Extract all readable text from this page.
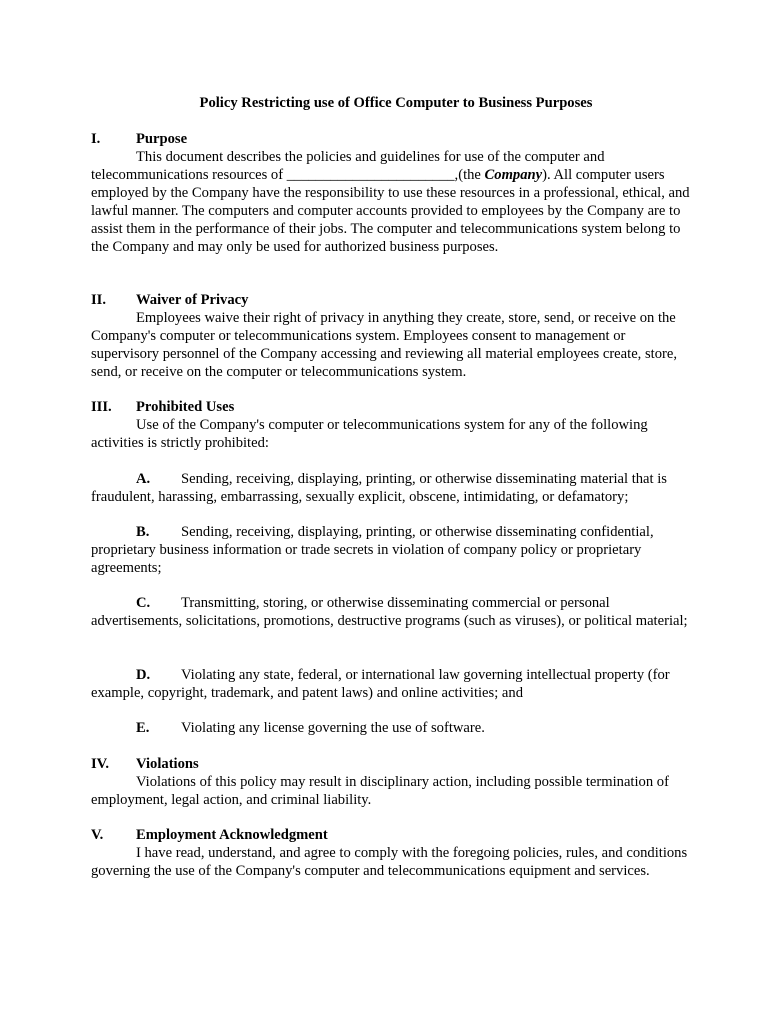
Policy Restricting use of Office Computer to Business Purposes
I. Purpose

This document describes the policies and guidelines for use of the computer and telecommunications resources of _______________________,(the Company). All computer users employed by the Company have the responsibility to use these resources in a professional, ethical, and lawful manner. The computers and computer accounts provided to employees by the Company are to assist them in the performance of their jobs. The computer and telecommunications system belong to the Company and may only be used for authorized business purposes.

II. Waiver of Privacy

Employees waive their right of privacy in anything they create, store, send, or receive on the Company's computer or telecommunications system. Employees consent to management or supervisory personnel of the Company accessing and reviewing all material employees create, store, send, or receive on the computer or telecommunications system.

III. Prohibited Uses

Use of the Company's computer or telecommunications system for any of the following activities is strictly prohibited:

A. Sending, receiving, displaying, printing, or otherwise disseminating material that is fraudulent, harassing, embarrassing, sexually explicit, obscene, intimidating, or defamatory;
B. Sending, receiving, displaying, printing, or otherwise disseminating confidential, proprietary business information or trade secrets in violation of company policy or proprietary agreements;
C. Transmitting, storing, or otherwise disseminating commercial or personal advertisements, solicitations, promotions, destructive programs (such as viruses), or political material;
D. Violating any state, federal, or international law governing intellectual property (for example, copyright, trademark, and patent laws) and online activities; and
E. Violating any license governing the use of software.
IV. Violations

Violations of this policy may result in disciplinary action, including possible termination of employment, legal action, and criminal liability.

V. Employment Acknowledgment

I have read, understand, and agree to comply with the foregoing policies, rules, and conditions governing the use of the Company's computer and telecommunications equipment and services.
